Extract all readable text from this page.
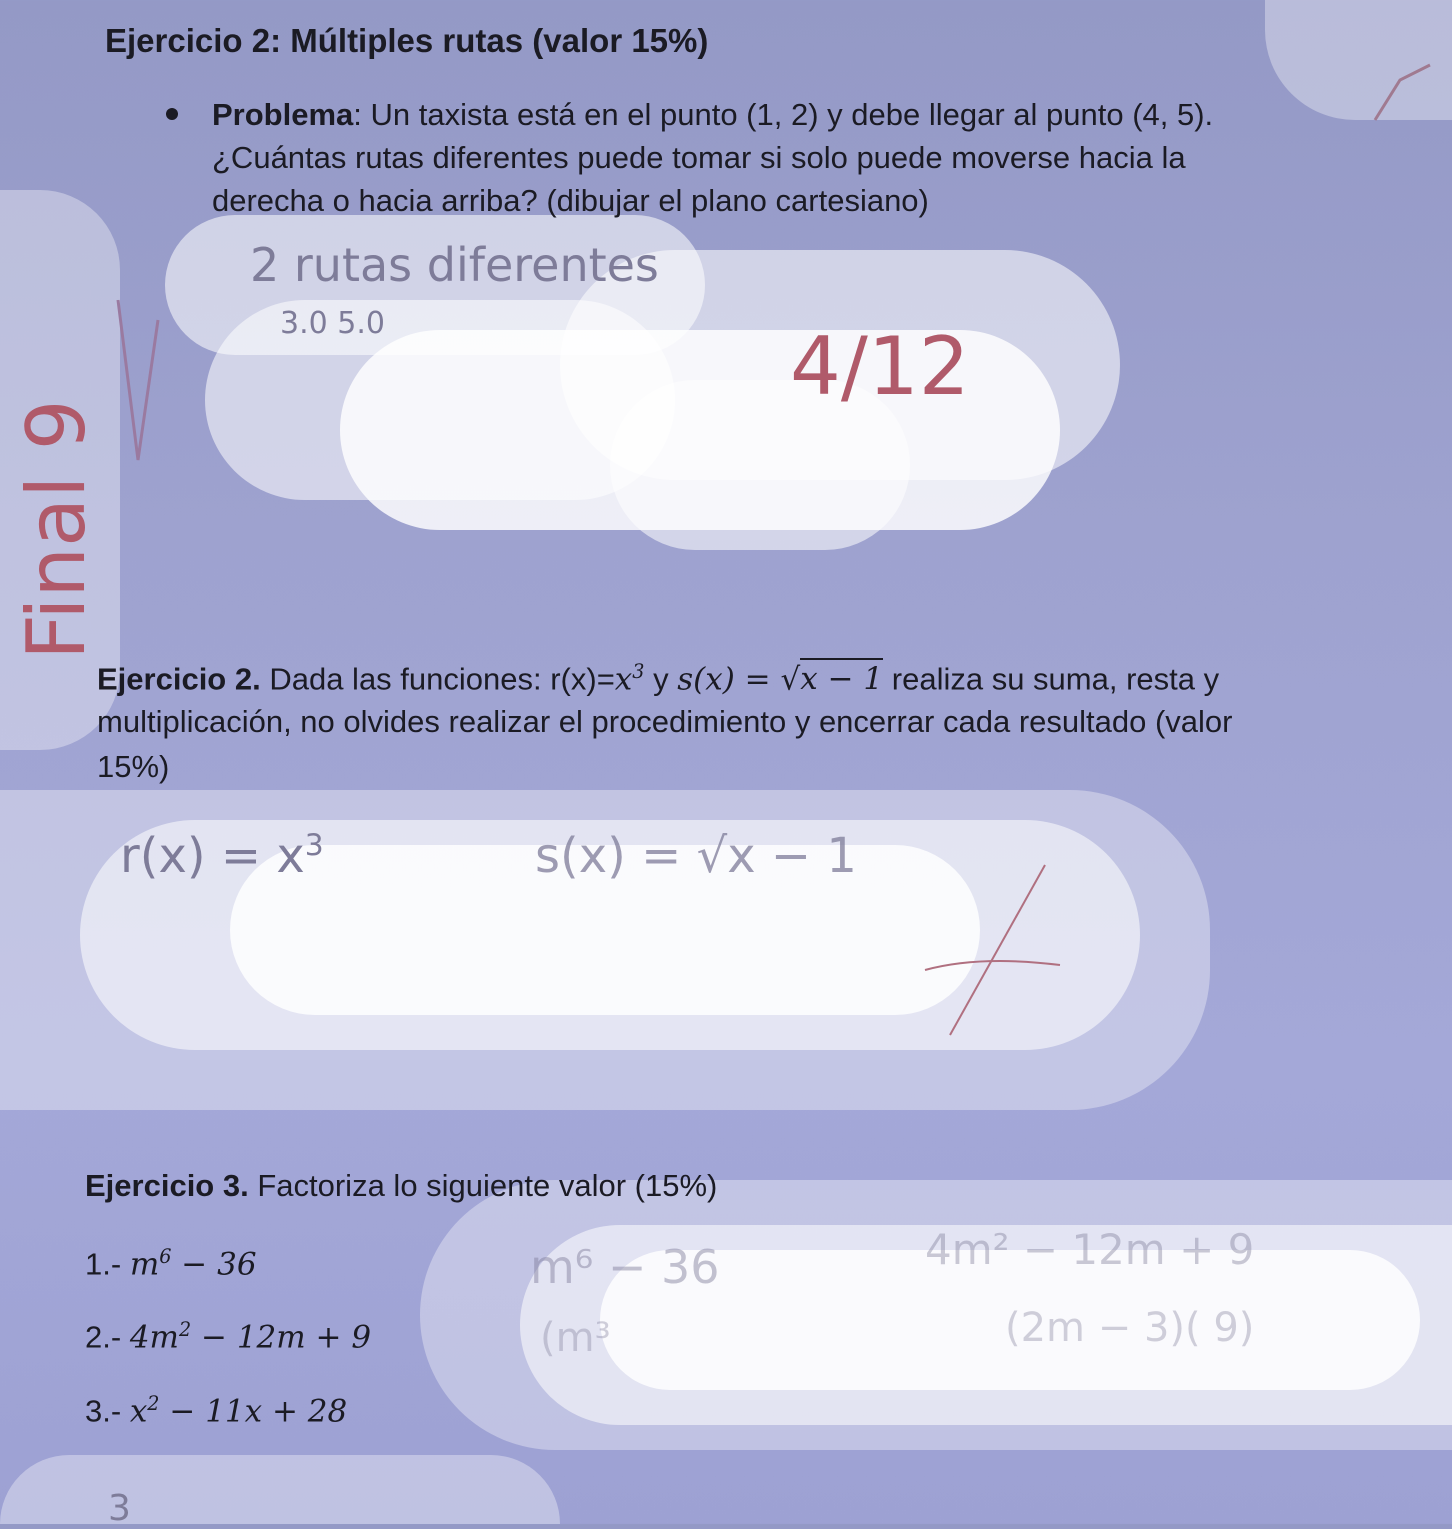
Ejercicio 2: Múltiples rutas (valor 15%)
Problema: Un taxista está en el punto (1, 2) y debe llegar al punto (4, 5).
¿Cuántas rutas diferentes puede tomar si solo puede moverse hacia la
derecha o hacia arriba? (dibujar el plano cartesiano)
2 rutas diferentes
3.0 5.0	4/12
Final 9
Ejercicio 2. Dada las funciones: $r(x)=x^3$ y s(x) = √x − 1 realiza su suma, resta y
multiplicación, no olvides realizar el procedimiento y encerrar cada resultado (valor
15%)
$r(x) = x^3$	s(x) = √x − 1
Ejercicio 3. Factoriza lo siguiente valor (15%)
1.- $m^6 - 36$
2.- $4m^2 - 12m + 9$
3.- $x^2 - 11x + 28$
m⁶ − 36	4m² − 12m + 9
(m³	(2m − 3)( 9)
3
